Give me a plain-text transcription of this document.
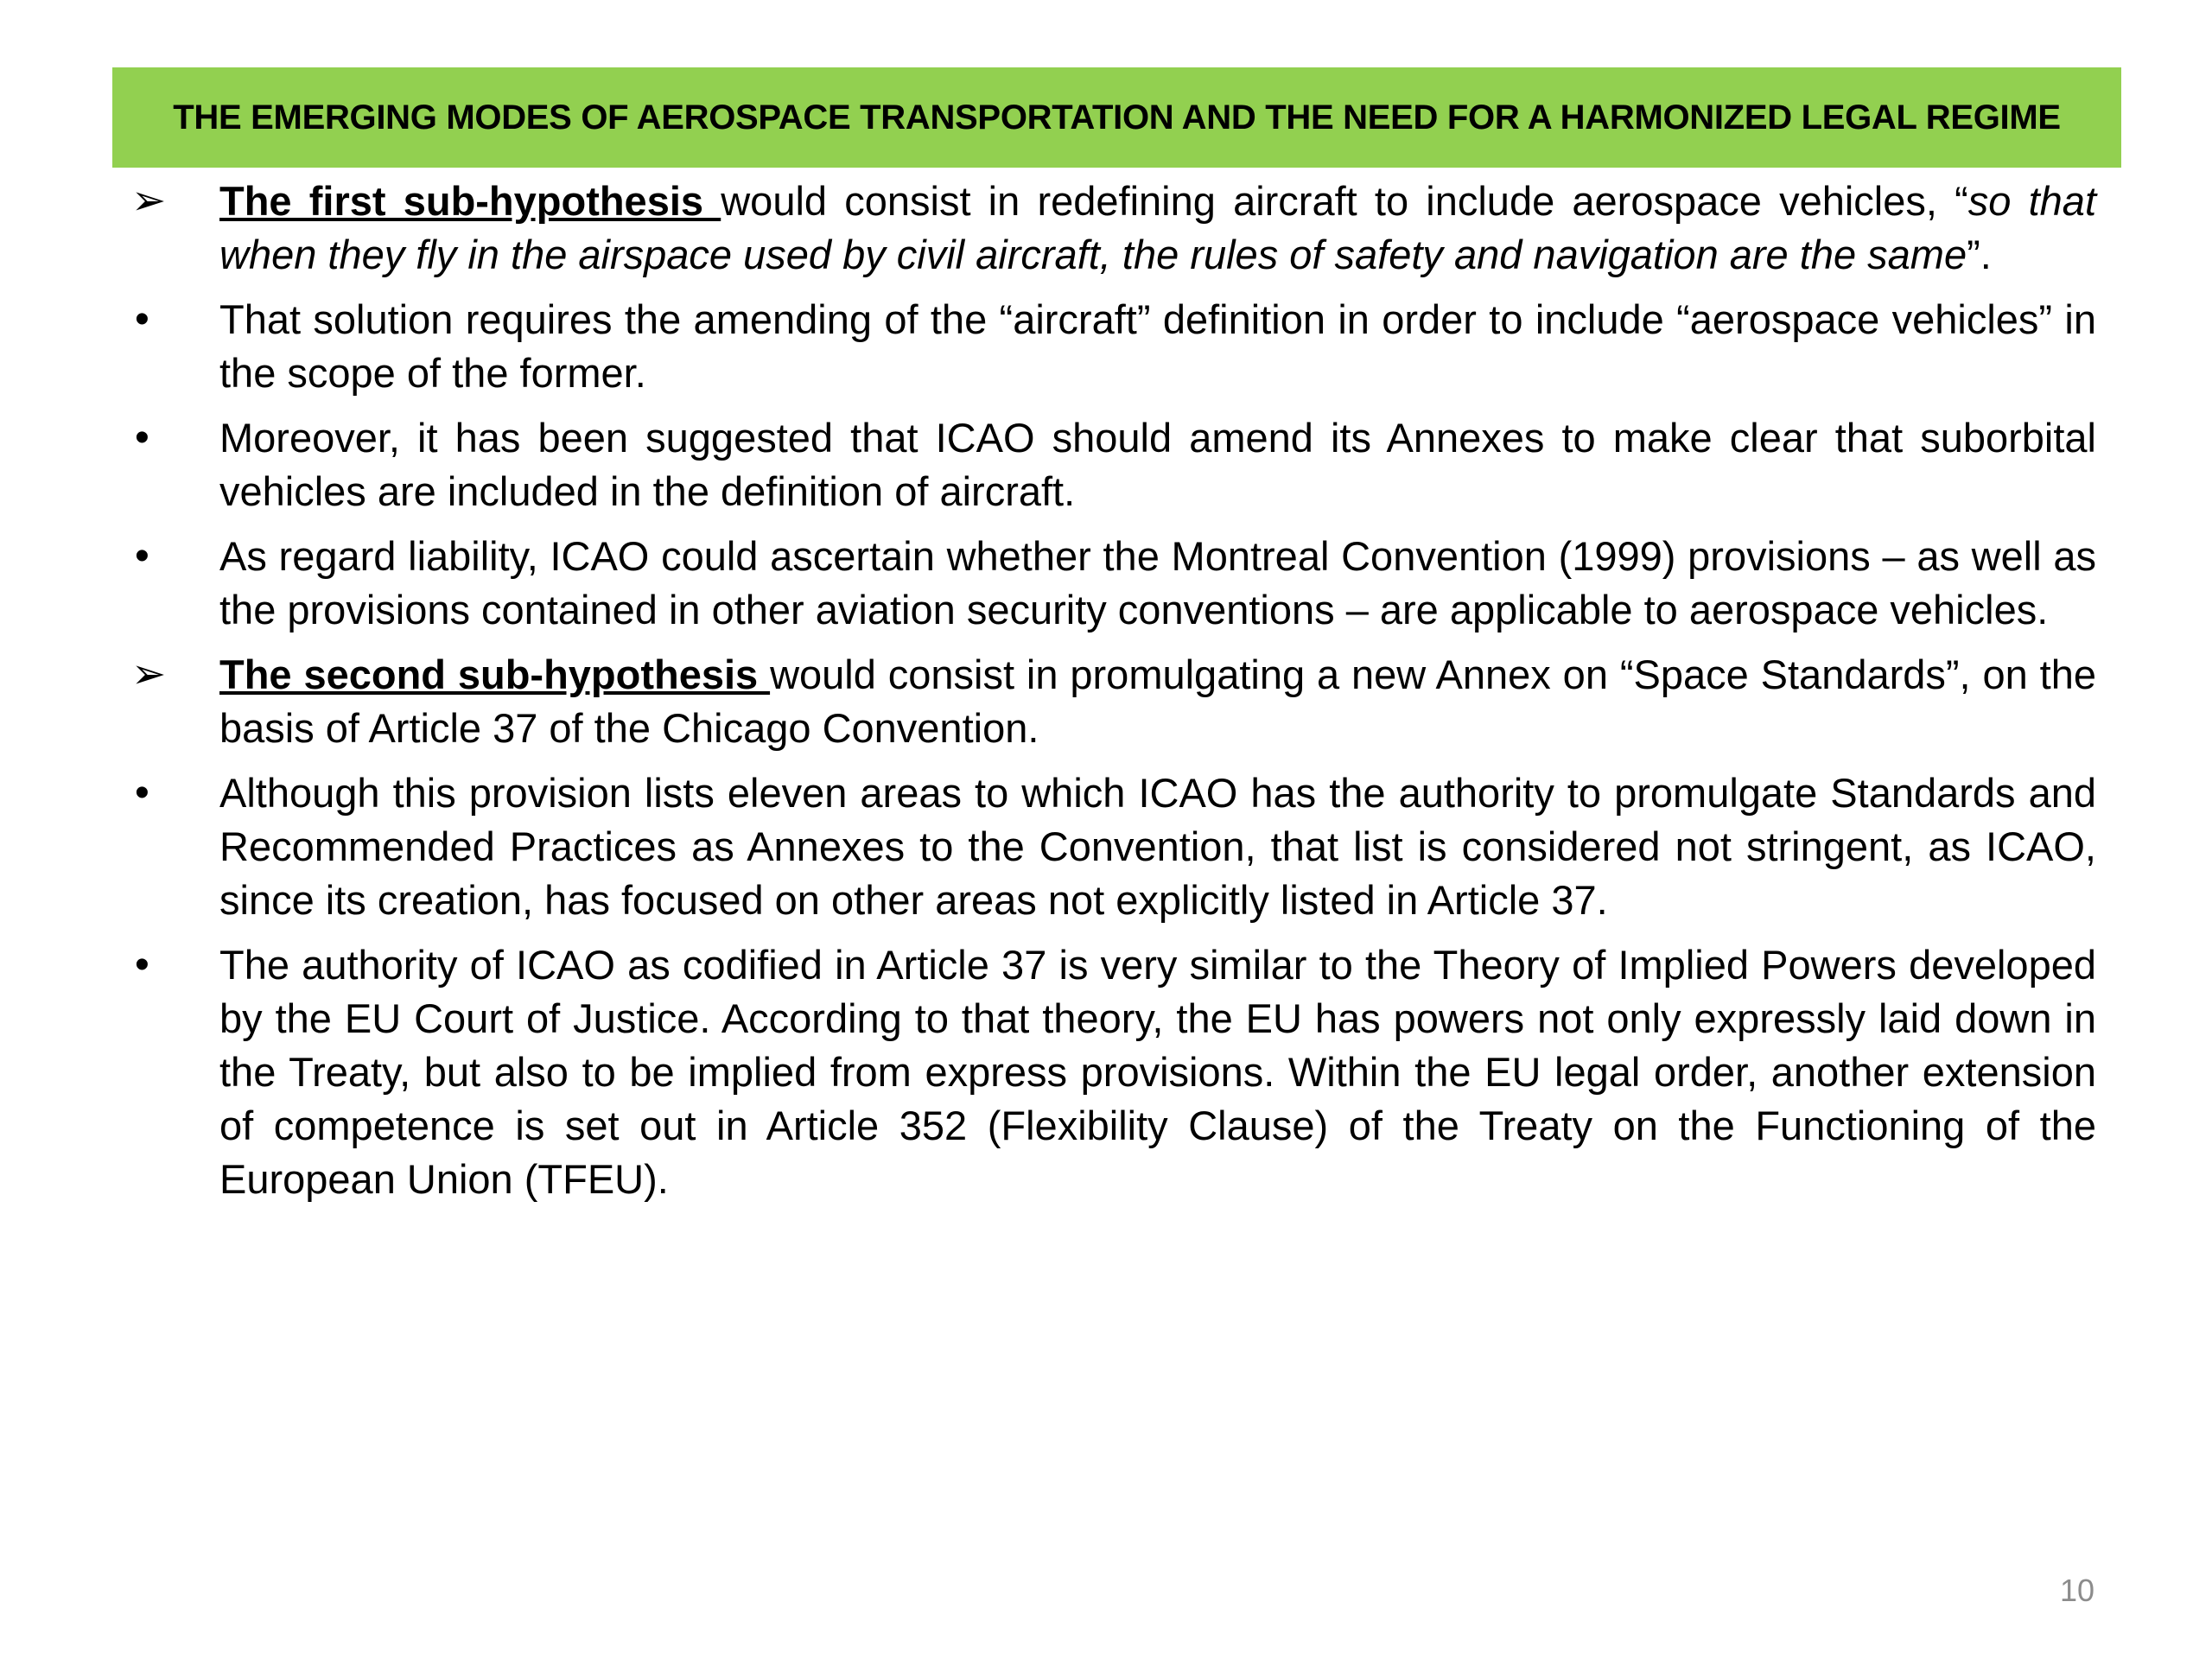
THE EMERGING MODES OF AEROSPACE TRANSPORTATION AND THE NEED FOR A HARMONIZED LEGAL REGIME
➢	The first sub-hypothesis would consist in redefining aircraft to include aerospace vehicles, “so that when they fly in the airspace used by civil aircraft, the rules of safety and navigation are the same”.
•	That solution requires the amending of the “aircraft” definition in order to include “aerospace vehicles” in the scope of the former.
•	Moreover, it has been suggested that ICAO should amend its Annexes to make clear that suborbital vehicles are included in the definition of aircraft.
•	As regard liability, ICAO could ascertain whether the Montreal Convention (1999) provisions – as well as the provisions contained in other aviation security conventions – are applicable to aerospace vehicles.
➢	The second sub-hypothesis would consist in promulgating a new Annex on “Space Standards”, on the basis of Article 37 of the Chicago Convention.
•	Although this provision lists eleven areas to which ICAO has the authority to promulgate Standards and Recommended Practices as Annexes to the Convention, that list is considered not stringent, as ICAO, since its creation, has focused on other areas not explicitly listed in Article 37.
•	The authority of ICAO as codified in Article 37 is very similar to the Theory of Implied Powers developed by the EU Court of Justice. According to that theory, the EU has powers not only expressly laid down in the Treaty, but also to be implied from express provisions. Within the EU legal order, another extension of competence is set out in Article 352 (Flexibility Clause) of the Treaty on the Functioning of the European Union (TFEU).
10
